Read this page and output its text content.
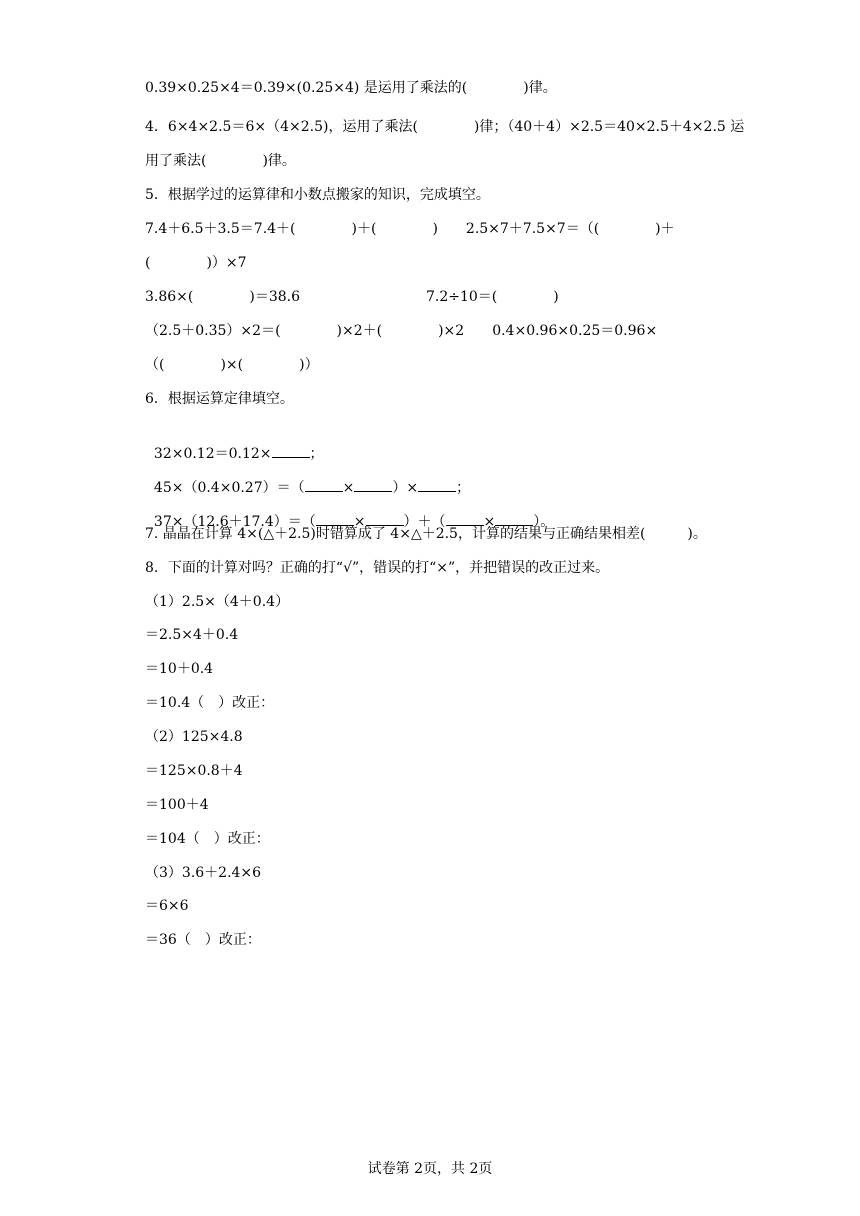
0.39×0.25×4＝0.39×(0.25×4) 是运用了乘法的(　　　　)律。
4．6×4×2.5＝6×（4×2.5)，运用了乘法(　　　　)律；（40＋4）×2.5＝40×2.5＋4×2.5 运
用了乘法(　　　　)律。
5．根据学过的运算律和小数点搬家的知识，完成填空。
7.4＋6.5＋3.5＝7.4＋(　　　　)＋(　　　　)　　2.5×7＋7.5×7＝（(　　　　)＋
(　　　　)）×7
3.86×(　　　　)＝38.6　　　　　　　　　7.2÷10＝(　　　　)
（2.5＋0.35）×2＝(　　　　)×2＋(　　　　)×2　　0.4×0.96×0.25＝0.96×
（(　　　　)×(　　　　)）
6．根据运算定律填空。

32×0.12＝0.12×	；

45×（0.4×0.27）＝（	×	）×	；

37×（12.6＋17.4）＝（	×	）＋（	×	）。

7. 晶晶在计算 4×(△＋2.5)时错算成了 4×△＋2.5，计算的结果与正确结果相差(　　　)。
8．下面的计算对吗？正确的打“√”，错误的打“×”，并把错误的改正过来。
（1）2.5×（4＋0.4）
＝2.5×4＋0.4
＝10＋0.4
＝10.4（　）改正：
（2）125×4.8
＝125×0.8＋4
＝100＋4
＝104（　）改正：
（3）3.6＋2.4×6
＝6×6
＝36（　）改正：
试卷第 2页，共 2页
